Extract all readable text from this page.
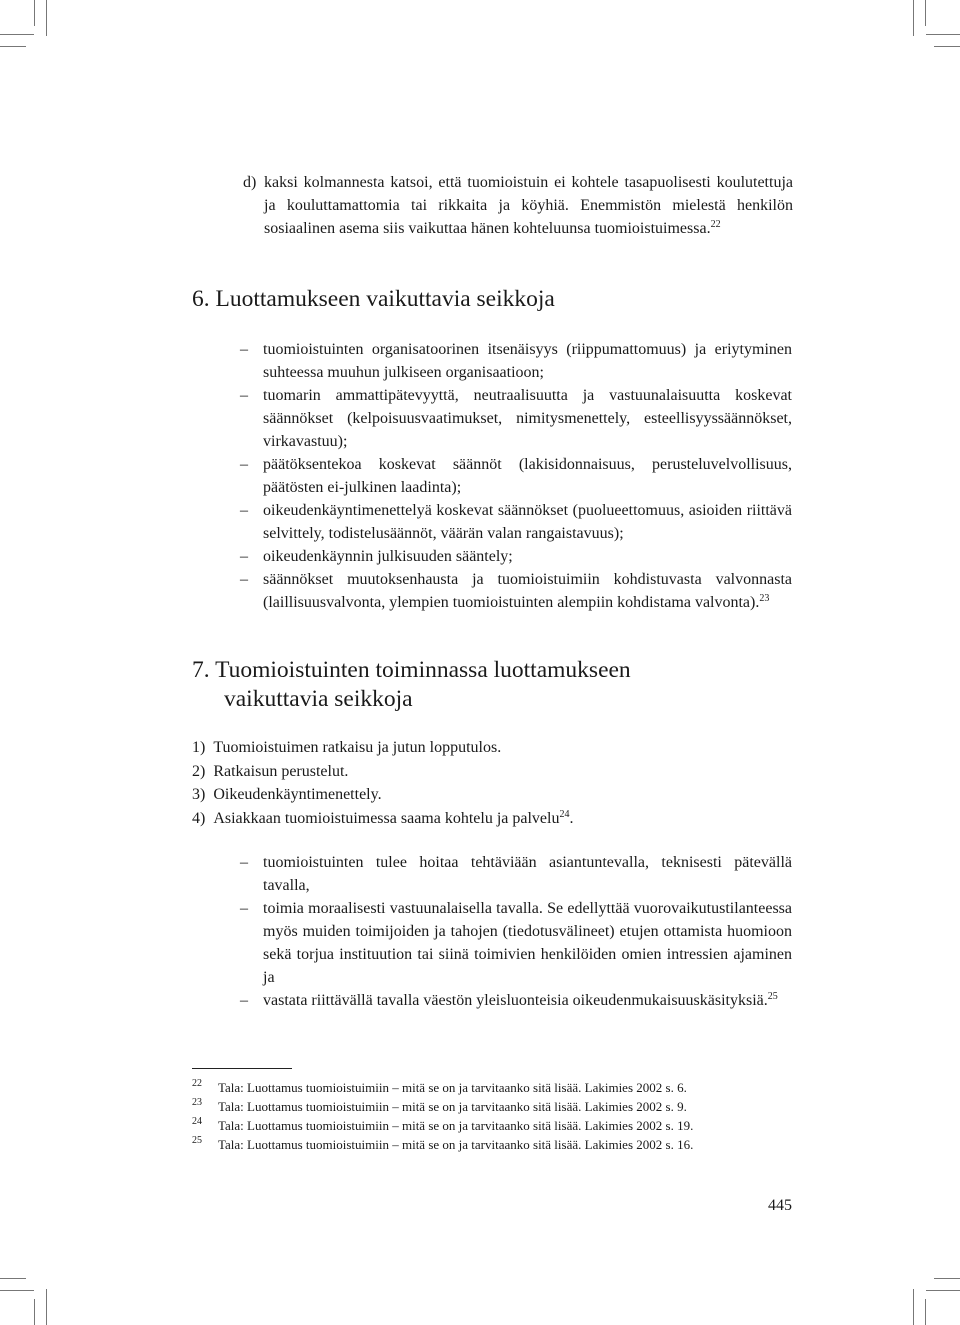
d) kaksi kolmannesta katsoi, että tuomioistuin ei kohtele tasapuolisesti koulutettuja ja kouluttamattomia tai rikkaita ja köyhiä. Enemmistön mielestä henkilön sosiaalinen asema siis vaikuttaa hänen kohteluunsa tuomioistuimessa.$^{22}$
6. Luottamukseen vaikuttavia seikkoja
– tuomioistuinten organisatoorinen itsenäisyys (riippumattomuus) ja eriytyminen suhteessa muuhun julkiseen organisaatioon;
– tuomarin ammattipätevyyttä, neutraalisuutta ja vastuunalaisuutta koskevat säännökset (kelpoisuusvaatimukset, nimitysmenettely, esteellisyyssäännökset, virkavastuu);
– päätöksentekoa koskevat säännöt (lakisidonnaisuus, perusteluvelvollisuus, päätösten ei-julkinen laadinta);
– oikeudenkäyntimenettelyä koskevat säännökset (puolueettomuus, asioiden riittävä selvittely, todistelusäännöt, väärän valan rangaistavuus);
– oikeudenkäynnin julkisuuden sääntely;
– säännökset muutoksenhausta ja tuomioistuimiin kohdistuvasta valvonnasta (laillisuusvalvonta, ylempien tuomioistuinten alempiin kohdistama valvonta).$^{23}$
7. Tuomioistuinten toiminnassa luottamukseen
vaikuttavia seikkoja
1) Tuomioistuimen ratkaisu ja jutun lopputulos.
2) Ratkaisun perustelut.
3) Oikeudenkäyntimenettely.
4) Asiakkaan tuomioistuimessa saama kohtelu ja palvelu$^{24}$.
– tuomioistuinten tulee hoitaa tehtäviään asiantuntevalla, teknisesti pätevällä tavalla,
– toimia moraalisesti vastuunalaisella tavalla. Se edellyttää vuorovaikutustilanteessa myös muiden toimijoiden ja tahojen (tiedotusvälineet) etujen ottamista huomioon sekä torjua instituution tai siinä toimivien henkilöiden omien intressien ajaminen ja
– vastata riittävällä tavalla väestön yleisluonteisia oikeudenmukaisuuskäsityksiä.$^{25}$
22 Tala: Luottamus tuomioistuimiin – mitä se on ja tarvitaanko sitä lisää. Lakimies 2002 s. 6.
23 Tala: Luottamus tuomioistuimiin – mitä se on ja tarvitaanko sitä lisää. Lakimies 2002 s. 9.
24 Tala: Luottamus tuomioistuimiin – mitä se on ja tarvitaanko sitä lisää. Lakimies 2002 s. 19.
25 Tala: Luottamus tuomioistuimiin – mitä se on ja tarvitaanko sitä lisää. Lakimies 2002 s. 16.
445
